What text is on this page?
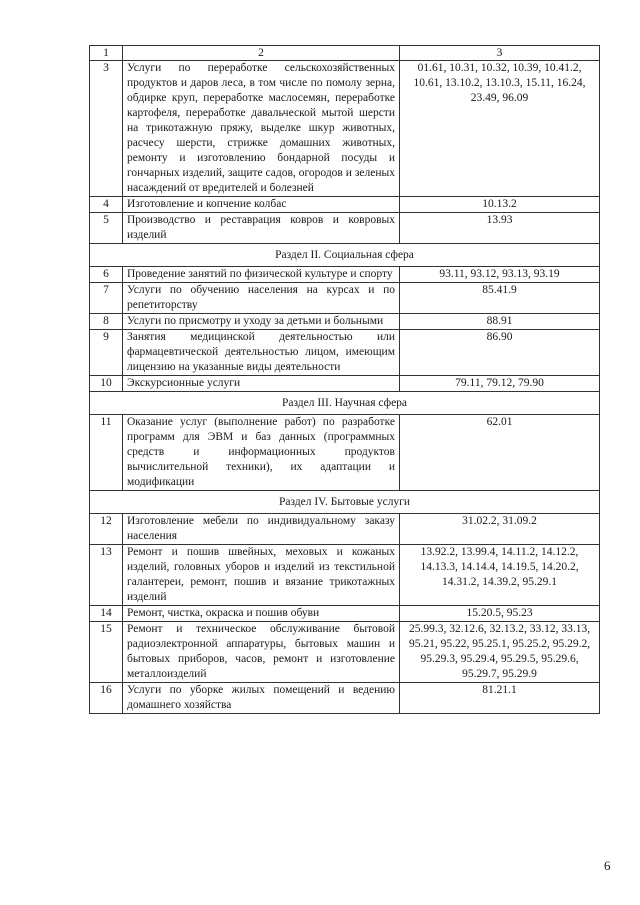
1	2	3
3	Услуги по переработке сельскохозяйственных продуктов и даров леса, в том числе по помолу зерна, обдирке круп, переработке маслосемян, переработке картофеля, переработке давальческой мытой шерсти на трикотажную пряжу, выделке шкур животных, расчесу шерсти, стрижке домашних животных, ремонту и изготовлению бондарной посуды и гончарных изделий, защите садов, огородов и зеленых насаждений от вредителей и болезней	01.61, 10.31, 10.32, 10.39, 10.41.2, 10.61, 13.10.2, 13.10.3, 15.11, 16.24, 23.49, 96.09
4	Изготовление и копчение колбас	10.13.2
5	Производство и реставрация ковров и ковровых изделий	13.93
Раздел II. Социальная сфера		
6	Проведение занятий по физической культуре и спорту	93.11, 93.12, 93.13, 93.19
7	Услуги по обучению населения на курсах и по репетиторству	85.41.9
8	Услуги по присмотру и уходу за детьми и больными	88.91
9	Занятия медицинской деятельностью или фармацевтической деятельностью лицом, имеющим лицензию на указанные виды деятельности	86.90
10	Экскурсионные услуги	79.11, 79.12, 79.90
Раздел III. Научная сфера		
11	Оказание услуг (выполнение работ) по разработке программ для ЭВМ и баз данных (программных средств и информационных продуктов вычислительной техники), их адаптации и модификации	62.01
Раздел IV. Бытовые услуги		
12	Изготовление мебели по индивидуальному заказу населения	31.02.2, 31.09.2
13	Ремонт и пошив швейных, меховых и кожаных изделий, головных уборов и изделий из текстильной галантереи, ремонт, пошив и вязание трикотажных изделий	13.92.2, 13.99.4, 14.11.2, 14.12.2, 14.13.3, 14.14.4, 14.19.5, 14.20.2, 14.31.2, 14.39.2, 95.29.1
14	Ремонт, чистка, окраска и пошив обуви	15.20.5, 95.23
15	Ремонт и техническое обслуживание бытовой радиоэлектронной аппаратуры, бытовых машин и бытовых приборов, часов, ремонт и изготовление металлоизделий	25.99.3, 32.12.6, 32.13.2, 33.12, 33.13, 95.21, 95.22, 95.25.1, 95.25.2, 95.29.2, 95.29.3, 95.29.4, 95.29.5, 95.29.6, 95.29.7, 95.29.9
16	Услуги по уборке жилых помещений и ведению домашнего хозяйства	81.21.1
6
